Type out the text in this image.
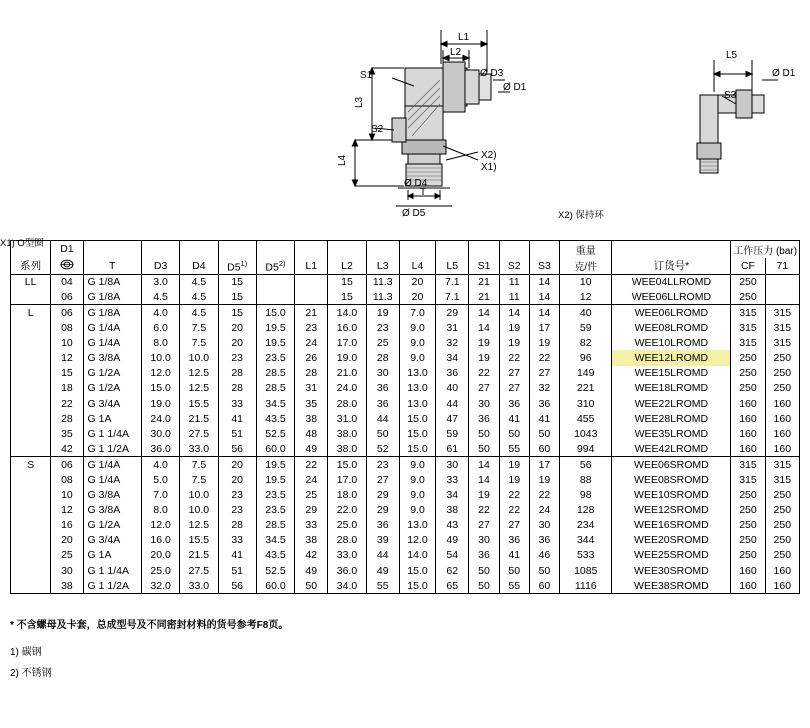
L1
L2
Ø D3
Ø D1
S1
L3
L4
S2
X2)
X1)
T
Ø D4
Ø D5
L5
Ø D1
S3
X1) O型圈
X2) 保持环
	D1														重量		工作压力 (bar)	
系列		T	D3	D4	D5$^{1)}$	D5$^{2)}$	L1	L2	L3	L4	L5	S1	S2	S3	克/件	订货号*	CF	71
LL	04	G 1/8A	3.0	4.5	15			15	11.3	20	7.1	21	11	14	10	WEE04LLROMD	250	
	06	G 1/8A	4.5	4.5	15			15	11.3	20	7.1	21	11	14	12	WEE06LLROMD	250	
L	06	G 1/8A	4.0	4.5	15	15.0	21	14.0	19	7.0	29	14	14	14	40	WEE06LROMD	315	315
	08	G 1/4A	6.0	7.5	20	19.5	23	16.0	23	9.0	31	14	19	17	59	WEE08LROMD	315	315
	10	G 1/4A	8.0	7.5	20	19.5	24	17.0	25	9.0	32	19	19	19	82	WEE10LROMD	315	315
	12	G 3/8A	10.0	10.0	23	23.5	26	19.0	28	9.0	34	19	22	22	96	WEE12LROMD	250	250
	15	G 1/2A	12.0	12.5	28	28.5	28	21.0	30	13.0	36	22	27	27	149	WEE15LROMD	250	250
	18	G 1/2A	15.0	12.5	28	28.5	31	24.0	36	13.0	40	27	27	32	221	WEE18LROMD	250	250
	22	G 3/4A	19.0	15.5	33	34.5	35	28.0	36	13.0	44	30	36	36	310	WEE22LROMD	160	160
	28	G 1A	24.0	21.5	41	43.5	38	31.0	44	15.0	47	36	41	41	455	WEE28LROMD	160	160
	35	G 1 1/4A	30.0	27.5	51	52.5	48	38.0	50	15.0	59	50	50	50	1043	WEE35LROMD	160	160
	42	G 1 1/2A	36.0	33.0	56	60.0	49	38.0	52	15.0	61	50	55	60	994	WEE42LROMD	160	160
S	06	G 1/4A	4.0	7.5	20	19.5	22	15.0	23	9.0	30	14	19	17	56	WEE06SROMD	315	315
	08	G 1/4A	5.0	7.5	20	19.5	24	17.0	27	9.0	33	14	19	19	88	WEE08SROMD	315	315
	10	G 3/8A	7.0	10.0	23	23.5	25	18.0	29	9.0	34	19	22	22	98	WEE10SROMD	250	250
	12	G 3/8A	8.0	10.0	23	23.5	29	22.0	29	9.0	38	22	22	24	128	WEE12SROMD	250	250
	16	G 1/2A	12.0	12.5	28	28.5	33	25.0	36	13.0	43	27	27	30	234	WEE16SROMD	250	250
	20	G 3/4A	16.0	15.5	33	34.5	38	28.0	39	12.0	49	30	36	36	344	WEE20SROMD	250	250
	25	G 1A	20.0	21.5	41	43.5	42	33.0	44	14.0	54	36	41	46	533	WEE25SROMD	250	250
	30	G 1 1/4A	25.0	27.5	51	52.5	49	36.0	49	15.0	62	50	50	50	1085	WEE30SROMD	160	160
	38	G 1 1/2A	32.0	33.0	56	60.0	50	34.0	55	15.0	65	50	55	60	1116	WEE38SROMD	160	160
* 不含螺母及卡套，总成型号及不同密封材料的货号参考F8页。
1) 碳钢
2) 不锈钢
